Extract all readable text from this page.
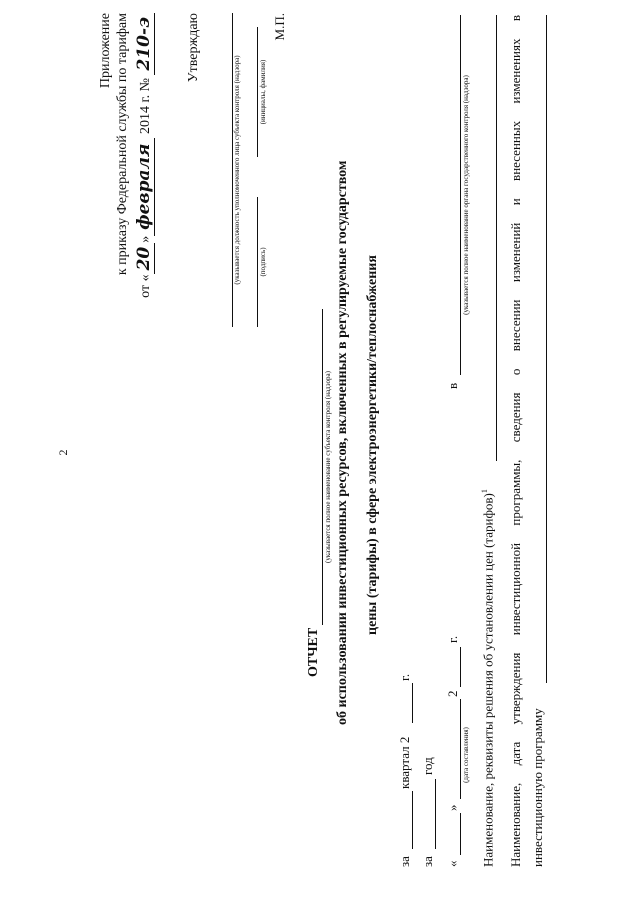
2
Приложение к приказу Федеральной службы по тарифам
от «20»февраля 2014 г. № 210-э Утверждаю
(указывается должность уполномоченного лица субъекта контроля (надзора)	(подпись)
(инициалы, фамилия)
М.П.
ОТЧЕТ
(указывается полное наименование субъекта контроля (надзора) об использовании инвестиционных ресурсов, включенных в регулируемые государством цены (тарифы) в сфере электроэнергетики/теплоснабжения
за
квартал 2
г.
за
год
«
»
2
г.
(дата составления)
в
(указывается полное наименование органа государственного контроля (надзора)
Наименование, реквизиты решения об установлении цен (тарифов)$^1$	Наименование, дата утверждения инвестиционной программы, сведения о внесении изменений и внесенных изменениях в инвестиционную программу
